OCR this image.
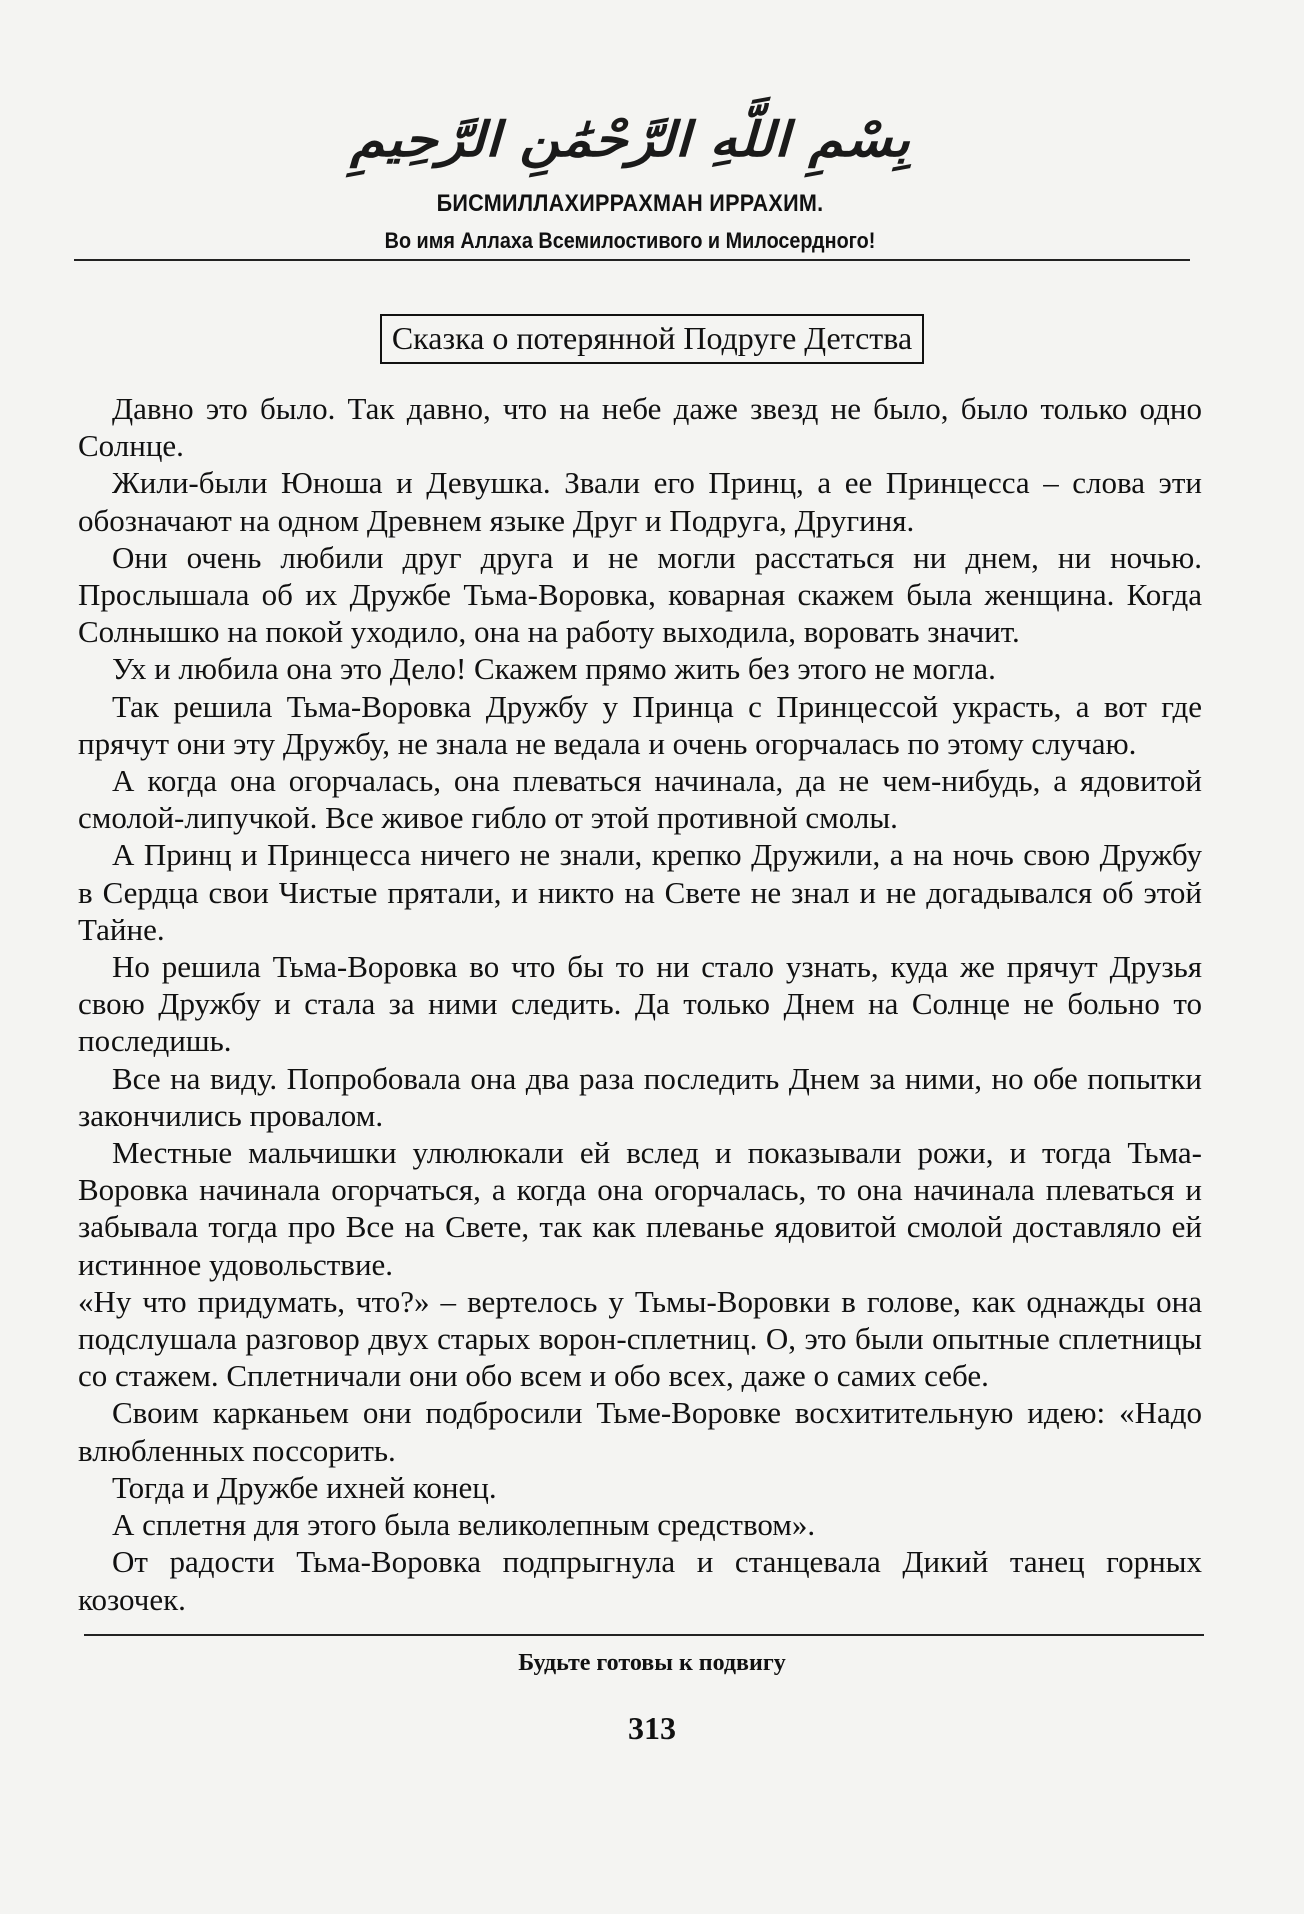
بِسْمِ اللَّهِ الرَّحْمَٰنِ الرَّحِيمِ
БИСМИЛЛАХИРРАХМАН ИРРАХИМ.
Во имя Аллаха Всемилостивого и Милосердного!
Сказка о потерянной Подруге Детства

Давно это было. Так давно, что на небе даже звезд не было, было только одно Солнце.

Жили-были Юноша и Девушка. Звали его Принц, а ее Принцесса – слова эти обозначают на одном Древнем языке Друг и Подруга, Другиня.

Они очень любили друг друга и не могли расстаться ни днем, ни ночью. Прослышала об их Дружбе Тьма-Воровка, коварная скажем была женщина. Когда Солнышко на покой уходило, она на работу выходила, воровать значит.

Ух и любила она это Дело! Скажем прямо жить без этого не могла.

Так решила Тьма-Воровка Дружбу у Принца с Принцессой украсть, а вот где прячут они эту Дружбу, не знала не ведала и очень огорчалась по этому случаю.

А когда она огорчалась, она плеваться начинала, да не чем-нибудь, а ядовитой смолой-липучкой. Все живое гибло от этой противной смолы.

А Принц и Принцесса ничего не знали, крепко Дружили, а на ночь свою Дружбу в Сердца свои Чистые прятали, и никто на Свете не знал и не догадывался об этой Тайне.

Но решила Тьма-Воровка во что бы то ни стало узнать, куда же прячут Друзья свою Дружбу и стала за ними следить. Да только Днем на Солнце не больно то последишь.

Все на виду. Попробовала она два раза последить Днем за ними, но обе попытки закончились провалом.

Местные мальчишки улюлюкали ей вслед и показывали рожи, и тогда Тьма-Воровка начинала огорчаться, а когда она огорчалась, то она начинала плеваться и забывала тогда про Все на Свете, так как плеванье ядовитой смолой доставляло ей истинное удовольствие.

«Ну что придумать, что?» – вертелось у Тьмы-Воровки в голове, как однажды она подслушала разговор двух старых ворон-сплетниц. О, это были опытные сплетницы со стажем. Сплетничали они обо всем и обо всех, даже о самих себе.

Своим карканьем они подбросили Тьме-Воровке восхитительную идею: «Надо влюбленных поссорить.

Тогда и Дружбе ихней конец.

А сплетня для этого была великолепным средством».

От радости Тьма-Воровка подпрыгнула и станцевала Дикий танец горных козочек.

Будьте готовы к подвигу
313
